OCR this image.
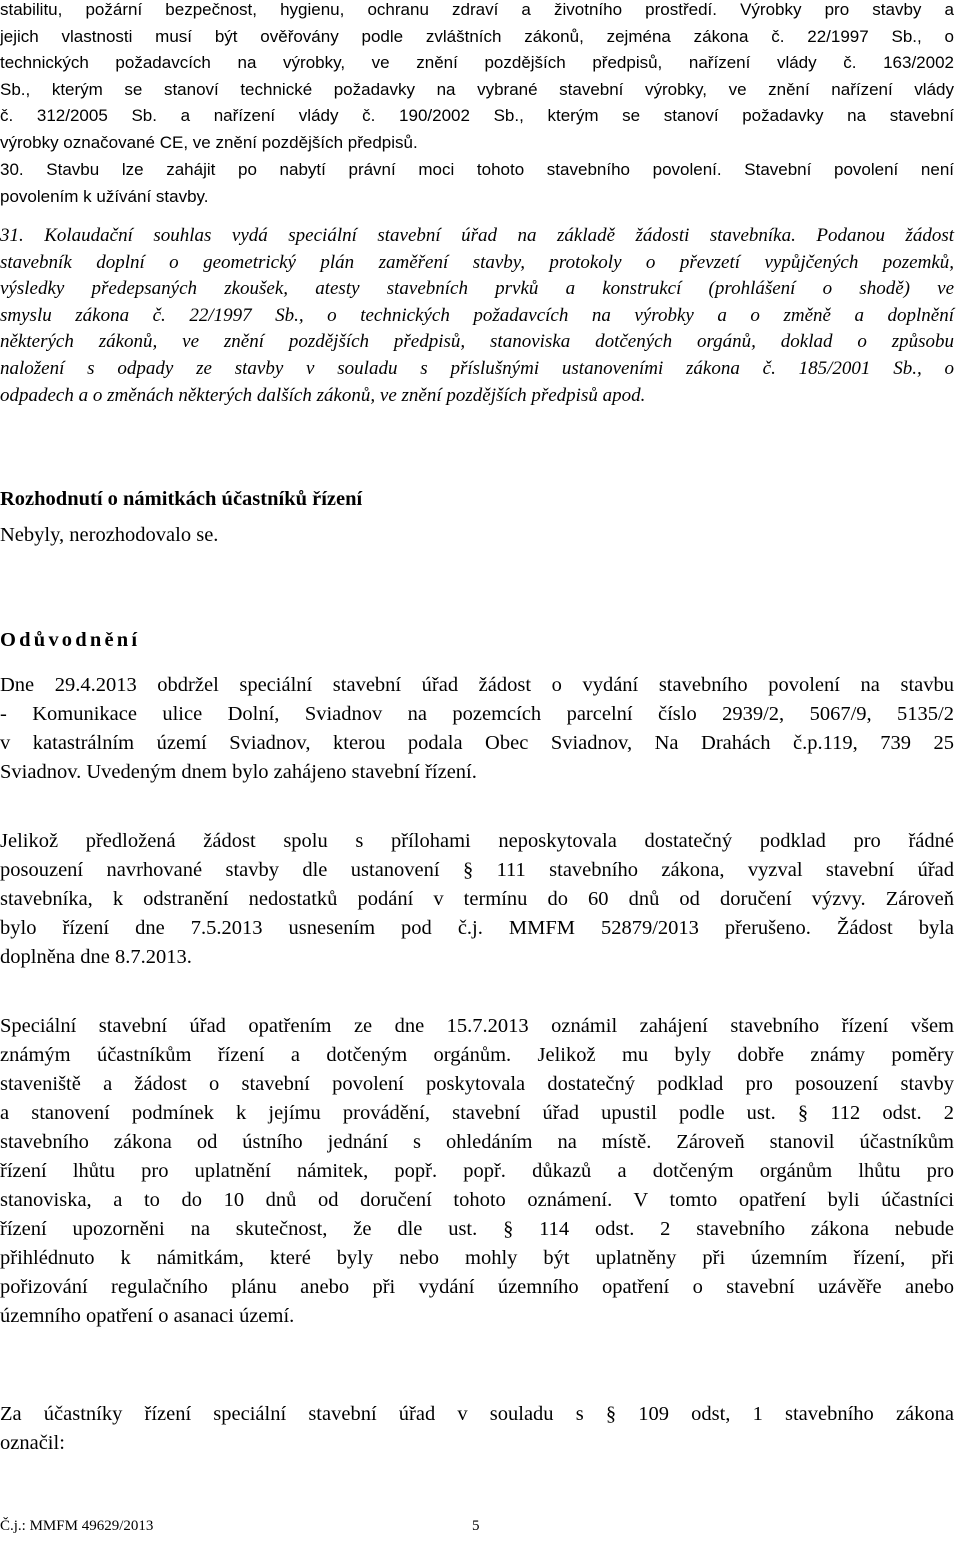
stabilitu, požární bezpečnost, hygienu, ochranu zdraví a životního prostředí. Výrobky pro stavby a
jejich vlastnosti musí být ověřovány podle zvláštních zákonů, zejména zákona č. 22/1997 Sb., o
technických požadavcích na výrobky, ve znění pozdějších předpisů, nařízení vlády č. 163/2002
Sb., kterým se stanoví technické požadavky na vybrané stavební výrobky, ve znění nařízení vlády
č. 312/2005 Sb. a nařízení vlády č. 190/2002 Sb., kterým se stanoví požadavky na stavební
výrobky označované CE, ve znění pozdějších předpisů.
30. Stavbu lze zahájit po nabytí právní moci tohoto stavebního povolení. Stavební povolení není
povolením k užívání stavby.
31. Kolaudační souhlas vydá speciální stavební úřad na základě žádosti stavebníka. Podanou žádost
stavebník doplní o geometrický plán zaměření stavby, protokoly o převzetí vypůjčených pozemků,
výsledky předepsaných zkoušek, atesty stavebních prvků a konstrukcí (prohlášení o shodě) ve
smyslu zákona č. 22/1997 Sb., o technických požadavcích na výrobky a o změně a doplnění
některých zákonů, ve znění pozdějších předpisů, stanoviska dotčených orgánů, doklad o způsobu
naložení s odpady ze stavby v souladu s příslušnými ustanoveními zákona č. 185/2001 Sb., o
odpadech a o změnách některých dalších zákonů, ve znění pozdějších předpisů apod.
Rozhodnutí o námitkách účastníků řízení
Nebyly, nerozhodovalo se.
Odůvodnění
Dne 29.4.2013 obdržel speciální stavební úřad žádost o vydání stavebního povolení na stavbu
- Komunikace ulice Dolní, Sviadnov na pozemcích parcelní číslo 2939/2, 5067/9, 5135/2
v katastrálním území Sviadnov, kterou podala Obec Sviadnov, Na Drahách č.p.119, 739 25
Sviadnov. Uvedeným dnem bylo zahájeno stavební řízení.
Jelikož předložená žádost spolu s přílohami neposkytovala dostatečný podklad pro řádné
posouzení navrhované stavby dle ustanovení § 111 stavebního zákona, vyzval stavební úřad
stavebníka, k odstranění nedostatků podání v termínu do 60 dnů od doručení výzvy. Zároveň
bylo řízení dne 7.5.2013 usnesením pod č.j. MMFM 52879/2013 přerušeno. Žádost byla
doplněna dne 8.7.2013.
Speciální stavební úřad opatřením ze dne 15.7.2013 oznámil zahájení stavebního řízení všem
známým účastníkům řízení a dotčeným orgánům. Jelikož mu byly dobře známy poměry
staveniště a žádost o stavební povolení poskytovala dostatečný podklad pro posouzení stavby
a stanovení podmínek k jejímu provádění, stavební úřad upustil podle ust. § 112 odst. 2
stavebního zákona od ústního jednání s ohledáním na místě. Zároveň stanovil účastníkům
řízení lhůtu pro uplatnění námitek, popř. popř. důkazů a dotčeným orgánům lhůtu pro
stanoviska, a to do 10 dnů od doručení tohoto oznámení. V tomto opatření byli účastníci
řízení upozorněni na skutečnost, že dle ust. § 114 odst. 2 stavebního zákona nebude
přihlédnuto k námitkám, které byly nebo mohly být uplatněny při územním řízení, při
pořizování regulačního plánu anebo při vydání územního opatření o stavební uzávěře anebo
územního opatření o asanaci území.
Za účastníky řízení speciální stavební úřad v souladu s § 109 odst, 1 stavebního zákona
označil:
Č.j.: MMFM 49629/2013	5
